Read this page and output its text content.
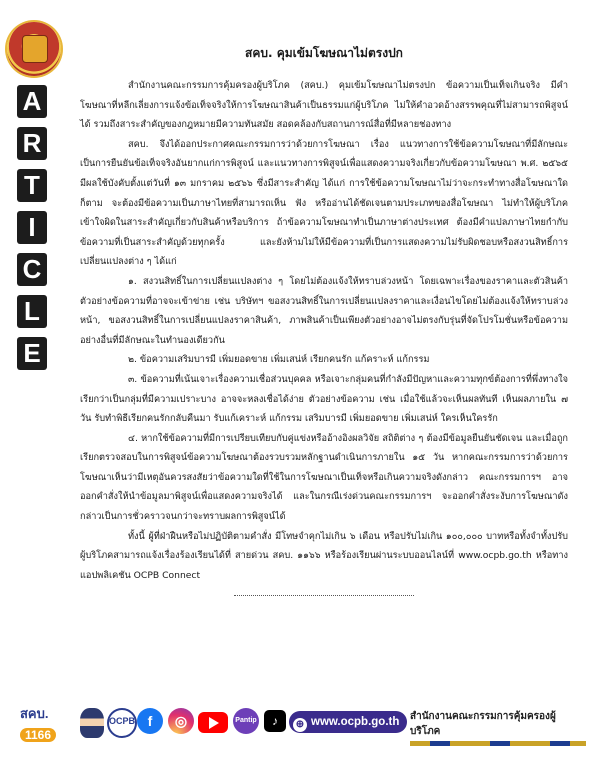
A
R
T
I
C
L
E
สคบ. คุมเข้มโฆษณาไม่ตรงปก

สำนักงานคณะกรรมการคุ้มครองผู้บริโภค (สคบ.) คุมเข้มโฆษณาไม่ตรงปก ข้อความเป็นเท็จเกินจริง มีคำโฆษณาที่หลีกเลี่ยงการแจ้งข้อเท็จจริงให้การโฆษณาสินค้าเป็นธรรมแก่ผู้บริโภค ไม่ให้คำอวดอ้างสรรพคุณที่ไม่สามารถพิสูจน์ได้ รวมถึงสาระสำคัญของกฎหมายมีความทันสมัย สอดคล้องกับสถานการณ์สื่อที่มีหลายช่องทาง

สคบ. จึงได้ออกประกาศคณะกรรมการว่าด้วยการโฆษณา เรื่อง แนวทางการใช้ข้อความโฆษณาที่มีลักษณะเป็นการยืนยันข้อเท็จจริงอันยากแก่การพิสูจน์ และแนวทางการพิสูจน์เพื่อแสดงความจริงเกี่ยวกับข้อความโฆษณา พ.ศ. ๒๕๖๕ มีผลใช้บังคับตั้งแต่วันที่ ๑๓ มกราคม ๒๕๖๖ ซึ่งมีสาระสำคัญ ได้แก่ การใช้ข้อความโฆษณาไม่ว่าจะกระทำทางสื่อโฆษณาใดก็ตาม จะต้องมีข้อความเป็นภาษาไทยที่สามารถเห็น ฟัง หรืออ่านได้ชัดเจนตามประเภทของสื่อโฆษณา ไม่ทำให้ผู้บริโภคเข้าใจผิดในสาระสำคัญเกี่ยวกับสินค้าหรือบริการ ถ้าข้อความโฆษณาทำเป็นภาษาต่างประเทศ ต้องมีคำแปลภาษาไทยกำกับข้อความที่เป็นสาระสำคัญด้วยทุกครั้ง และยังห้ามไม่ให้มีข้อความที่เป็นการแสดงความไม่รับผิดชอบหรือสงวนสิทธิ์การเปลี่ยนแปลงต่าง ๆ ได้แก่

๑. สงวนสิทธิ์ในการเปลี่ยนแปลงต่าง ๆ โดยไม่ต้องแจ้งให้ทราบล่วงหน้า โดยเฉพาะเรื่องของราคาและตัวสินค้า ตัวอย่างข้อความที่อาจจะเข้าข่าย เช่น บริษัทฯ ขอสงวนสิทธิ์ในการเปลี่ยนแปลงราคาและเงื่อนไขโดยไม่ต้องแจ้งให้ทราบล่วงหน้า, ขอสงวนสิทธิ์ในการเปลี่ยนแปลงราคาสินค้า, ภาพสินค้าเป็นเพียงตัวอย่างอาจไม่ตรงกับรุ่นที่จัดโปรโมชั่นหรือข้อความอย่างอื่นที่มีลักษณะในทำนองเดียวกัน

๒. ข้อความเสริมบารมี เพิ่มยอดขาย เพิ่มเสน่ห์ เรียกคนรัก แก้คราะห์ แก้กรรม

๓. ข้อความที่เน้นเจาะเรื่องความเชื่อส่วนบุคคล หรือเจาะกลุ่มคนที่กำลังมีปัญหาและความทุกข์ต้องการที่พึ่งทางใจ เรียกว่าเป็นกลุ่มที่มีความเปราะบาง อาจจะหลงเชื่อได้ง่าย ตัวอย่างข้อความ เช่น เมื่อใช้แล้วจะเห็นผลทันที เห็นผลภายใน ๗ วัน รับทำพิธีเรียกคนรักกลับคืนมา รับแก้เคราะห์ แก้กรรม เสริมบารมี เพิ่มยอดขาย เพิ่มเสน่ห์ ใครเห็นใครรัก

๔. หากใช้ข้อความที่มีการเปรียบเทียบกับคู่แข่งหรืออ้างอิงผลวิจัย สถิติต่าง ๆ ต้องมีข้อมูลยืนยันชัดเจน และเมื่อถูกเรียกตรวจสอบในการพิสูจน์ข้อความโฆษณาต้องรวบรวมหลักฐานดำเนินการภายใน ๑๕ วัน หากคณะกรรมการว่าด้วยการโฆษณาเห็นว่ามีเหตุอันควรสงสัยว่าข้อความใดที่ใช้ในการโฆษณาเป็นเท็จหรือเกินความจริงดังกล่าว คณะกรรมการฯ อาจออกคำสั่งให้นำข้อมูลมาพิสูจน์เพื่อแสดงความจริงได้ และในกรณีเร่งด่วนคณะกรรมการฯ จะออกคำสั่งระงับการโฆษณาดังกล่าวเป็นการชั่วคราวจนกว่าจะทราบผลการพิสูจน์ได้

ทั้งนี้ ผู้ที่ฝ่าฝืนหรือไม่ปฏิบัติตามคำสั่ง มีโทษจำคุกไม่เกิน ๖ เดือน หรือปรับไม่เกิน ๑๐๐,๐๐๐ บาทหรือทั้งจำทั้งปรับ ผู้บริโภคสามารถแจ้งเรื่องร้องเรียนได้ที่ สายด่วน สคบ. ๑๑๖๖ หรือร้องเรียนผ่านระบบออนไลน์ที่ www.ocpb.go.th หรือทางแอปพลิเคชัน OCPB Connect

สคบ.
1166
OCPB f	◎	Pantip	♪	⊕ www.ocpb.go.th	สำนักงานคณะกรรมการคุ้มครองผู้บริโภค
